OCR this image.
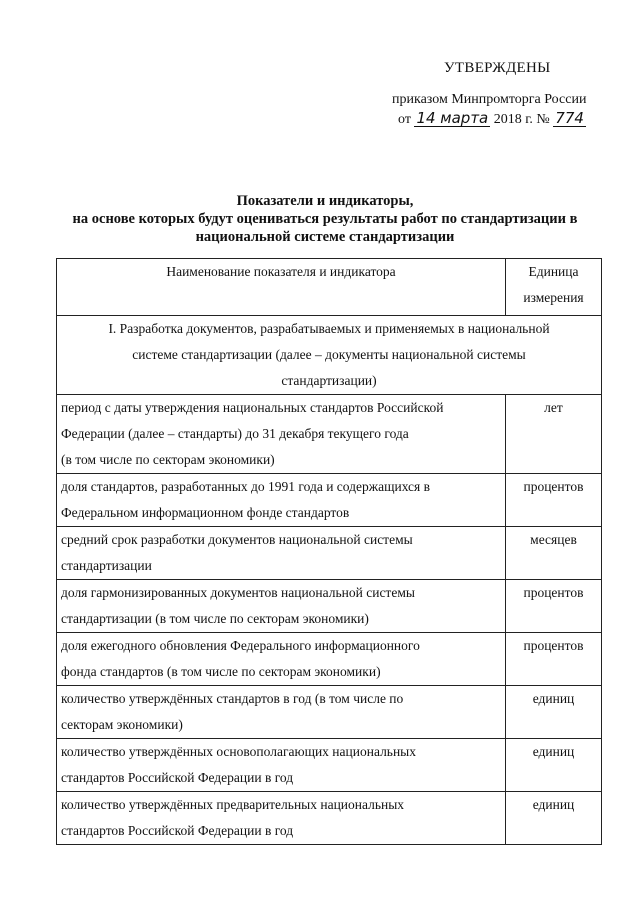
УТВЕРЖДЕНЫ
приказом Минпромторга России
от 14 марта 2018 г. № 774
Показатели и индикаторы,
на основе которых будут оцениваться результаты работ по стандартизации в
национальной системе стандартизации
Наименование показателя и индикатора	Единица
измерения

I. Разработка документов, разрабатываемых и применяемых в национальной
системе стандартизации (далее – документы национальной системы
стандартизации)	

период с даты утверждения национальных стандартов Российской
Федерации (далее – стандарты) до 31 декабря текущего года
(в том числе по секторам экономики)	лет

доля стандартов, разработанных до 1991 года и содержащихся в
Федеральном информационном фонде стандартов	процентов

средний срок разработки документов национальной системы
стандартизации	месяцев

доля гармонизированных документов национальной системы
стандартизации (в том числе по секторам экономики)	процентов

доля ежегодного обновления Федерального информационного
фонда стандартов (в том числе по секторам экономики)	процентов

количество утверждённых стандартов в год (в том числе по
секторам экономики)	единиц

количество утверждённых основополагающих национальных
стандартов Российской Федерации в год	единиц

количество утверждённых предварительных национальных
стандартов Российской Федерации в год	единиц
